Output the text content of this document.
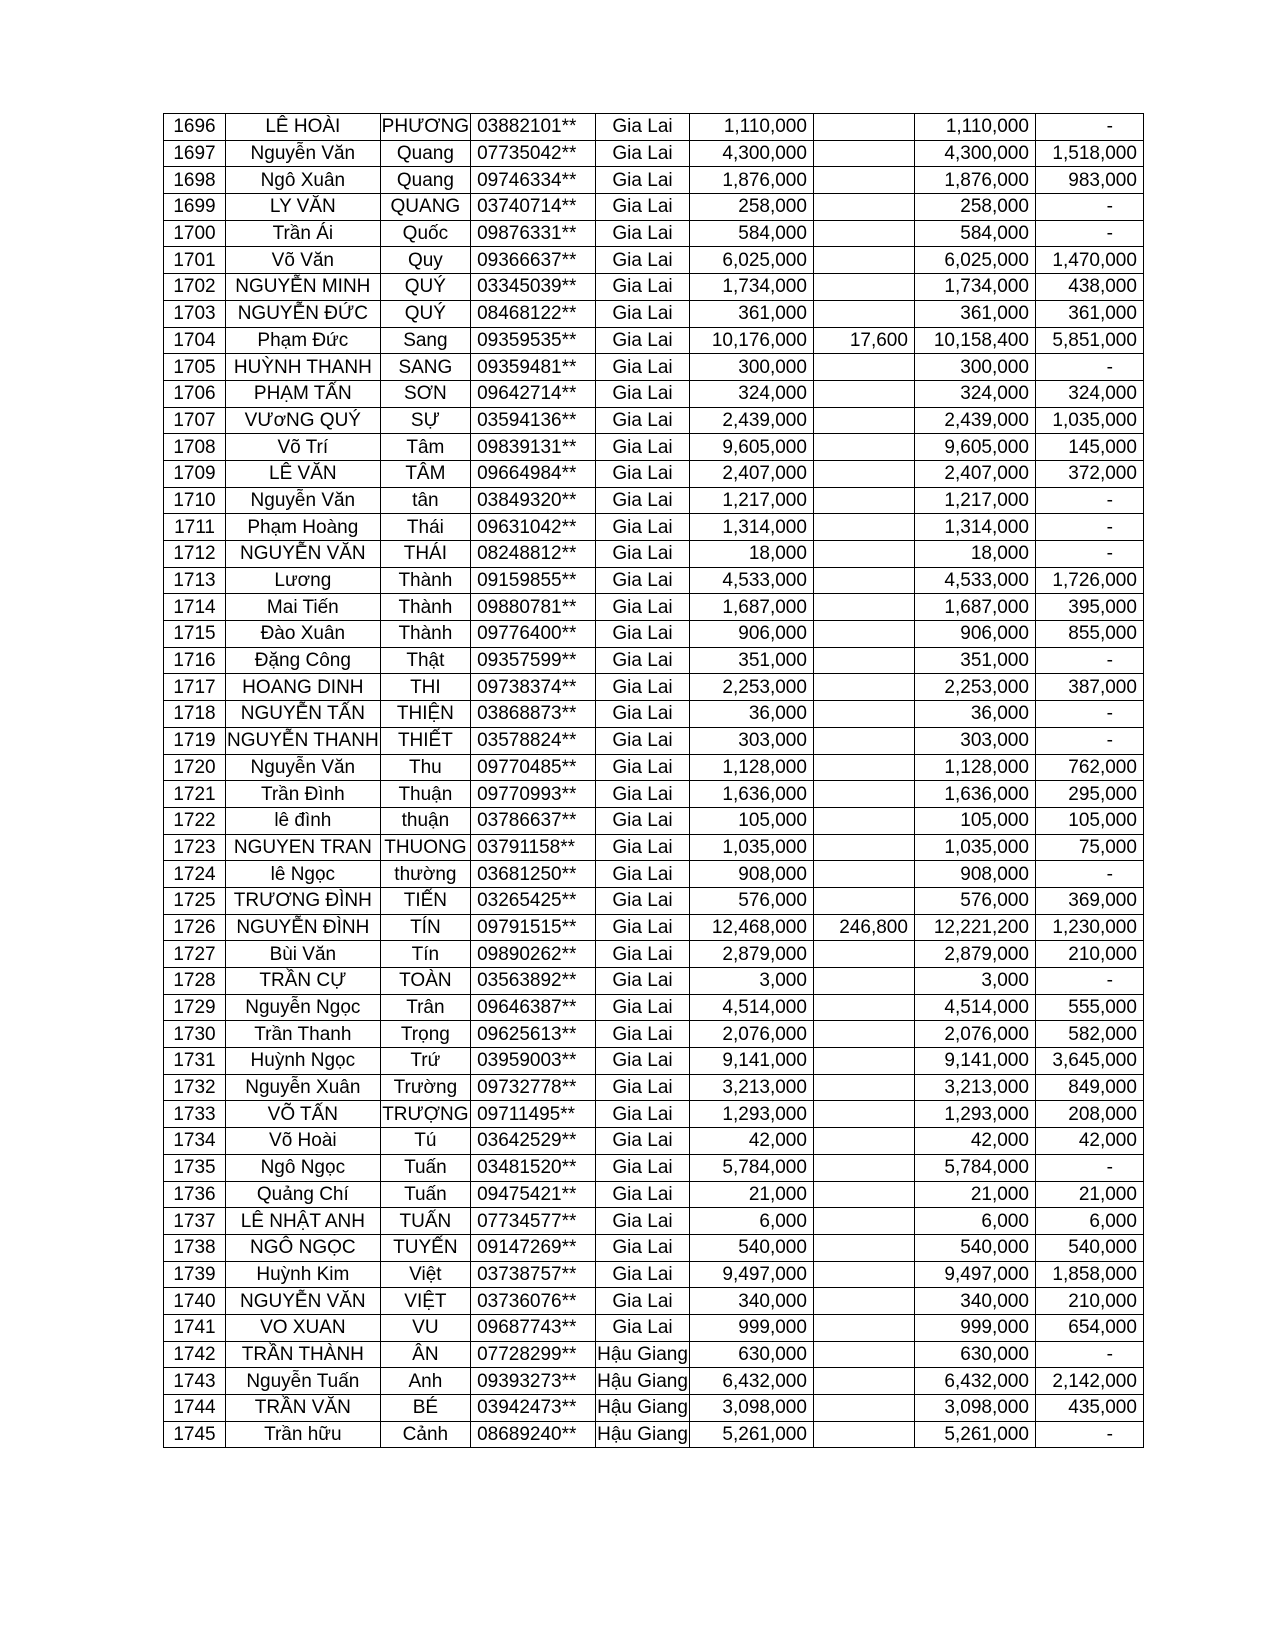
1696	LÊ HOÀI	PHƯƠNG	03882101**	Gia Lai	1,110,000		1,110,000	-
1697	Nguyễn Văn	Quang	07735042**	Gia Lai	4,300,000		4,300,000	1,518,000
1698	Ngô Xuân	Quang	09746334**	Gia Lai	1,876,000		1,876,000	983,000
1699	LY VĂN	QUANG	03740714**	Gia Lai	258,000		258,000	-
1700	Trần Ái	Quốc	09876331**	Gia Lai	584,000		584,000	-
1701	Võ Văn	Quy	09366637**	Gia Lai	6,025,000		6,025,000	1,470,000
1702	NGUYỄN MINH	QUÝ	03345039**	Gia Lai	1,734,000		1,734,000	438,000
1703	NGUYỄN ĐỨC	QUÝ	08468122**	Gia Lai	361,000		361,000	361,000
1704	Phạm Đức	Sang	09359535**	Gia Lai	10,176,000	17,600	10,158,400	5,851,000
1705	HUỲNH THANH	SANG	09359481**	Gia Lai	300,000		300,000	-
1706	PHẠM TẤN	SƠN	09642714**	Gia Lai	324,000		324,000	324,000
1707	VƯơNG QUÝ	SỰ	03594136**	Gia Lai	2,439,000		2,439,000	1,035,000
1708	Võ Trí	Tâm	09839131**	Gia Lai	9,605,000		9,605,000	145,000
1709	LÊ VĂN	TÂM	09664984**	Gia Lai	2,407,000		2,407,000	372,000
1710	Nguyễn Văn	tân	03849320**	Gia Lai	1,217,000		1,217,000	-
1711	Phạm Hoàng	Thái	09631042**	Gia Lai	1,314,000		1,314,000	-
1712	NGUYỄN VĂN	THÁI	08248812**	Gia Lai	18,000		18,000	-
1713	Lương	Thành	09159855**	Gia Lai	4,533,000		4,533,000	1,726,000
1714	Mai Tiến	Thành	09880781**	Gia Lai	1,687,000		1,687,000	395,000
1715	Đào Xuân	Thành	09776400**	Gia Lai	906,000		906,000	855,000
1716	Đặng Công	Thật	09357599**	Gia Lai	351,000		351,000	-
1717	HOANG DINH	THI	09738374**	Gia Lai	2,253,000		2,253,000	387,000
1718	NGUYỄN TẤN	THIỆN	03868873**	Gia Lai	36,000		36,000	-
1719	NGUYỄN THANH	THIẾT	03578824**	Gia Lai	303,000		303,000	-
1720	Nguyễn Văn	Thu	09770485**	Gia Lai	1,128,000		1,128,000	762,000
1721	Trần Đình	Thuận	09770993**	Gia Lai	1,636,000		1,636,000	295,000
1722	lê đình	thuận	03786637**	Gia Lai	105,000		105,000	105,000
1723	NGUYEN TRAN	THUONG	03791158**	Gia Lai	1,035,000		1,035,000	75,000
1724	lê Ngọc	thường	03681250**	Gia Lai	908,000		908,000	-
1725	TRƯƠNG ĐÌNH	TIẾN	03265425**	Gia Lai	576,000		576,000	369,000
1726	NGUYỄN ĐÌNH	TÍN	09791515**	Gia Lai	12,468,000	246,800	12,221,200	1,230,000
1727	Bùi Văn	Tín	09890262**	Gia Lai	2,879,000		2,879,000	210,000
1728	TRẦN CỰ	TOÀN	03563892**	Gia Lai	3,000		3,000	-
1729	Nguyễn Ngọc	Trân	09646387**	Gia Lai	4,514,000		4,514,000	555,000
1730	Trần Thanh	Trọng	09625613**	Gia Lai	2,076,000		2,076,000	582,000
1731	Huỳnh Ngọc	Trứ	03959003**	Gia Lai	9,141,000		9,141,000	3,645,000
1732	Nguyễn Xuân	Trường	09732778**	Gia Lai	3,213,000		3,213,000	849,000
1733	VÕ TẤN	TRƯỢNG	09711495**	Gia Lai	1,293,000		1,293,000	208,000
1734	Võ Hoài	Tú	03642529**	Gia Lai	42,000		42,000	42,000
1735	Ngô Ngọc	Tuấn	03481520**	Gia Lai	5,784,000		5,784,000	-
1736	Quảng Chí	Tuấn	09475421**	Gia Lai	21,000		21,000	21,000
1737	LÊ NHẬT ANH	TUẤN	07734577**	Gia Lai	6,000		6,000	6,000
1738	NGÔ NGỌC	TUYẾN	09147269**	Gia Lai	540,000		540,000	540,000
1739	Huỳnh Kim	Việt	03738757**	Gia Lai	9,497,000		9,497,000	1,858,000
1740	NGUYỄN VĂN	VIỆT	03736076**	Gia Lai	340,000		340,000	210,000
1741	VO XUAN	VU	09687743**	Gia Lai	999,000		999,000	654,000
1742	TRẦN THÀNH	ÂN	07728299**	Hậu Giang	630,000		630,000	-
1743	Nguyễn Tuấn	Anh	09393273**	Hậu Giang	6,432,000		6,432,000	2,142,000
1744	TRẦN VĂN	BÉ	03942473**	Hậu Giang	3,098,000		3,098,000	435,000
1745	Trần hữu	Cảnh	08689240**	Hậu Giang	5,261,000		5,261,000	-
